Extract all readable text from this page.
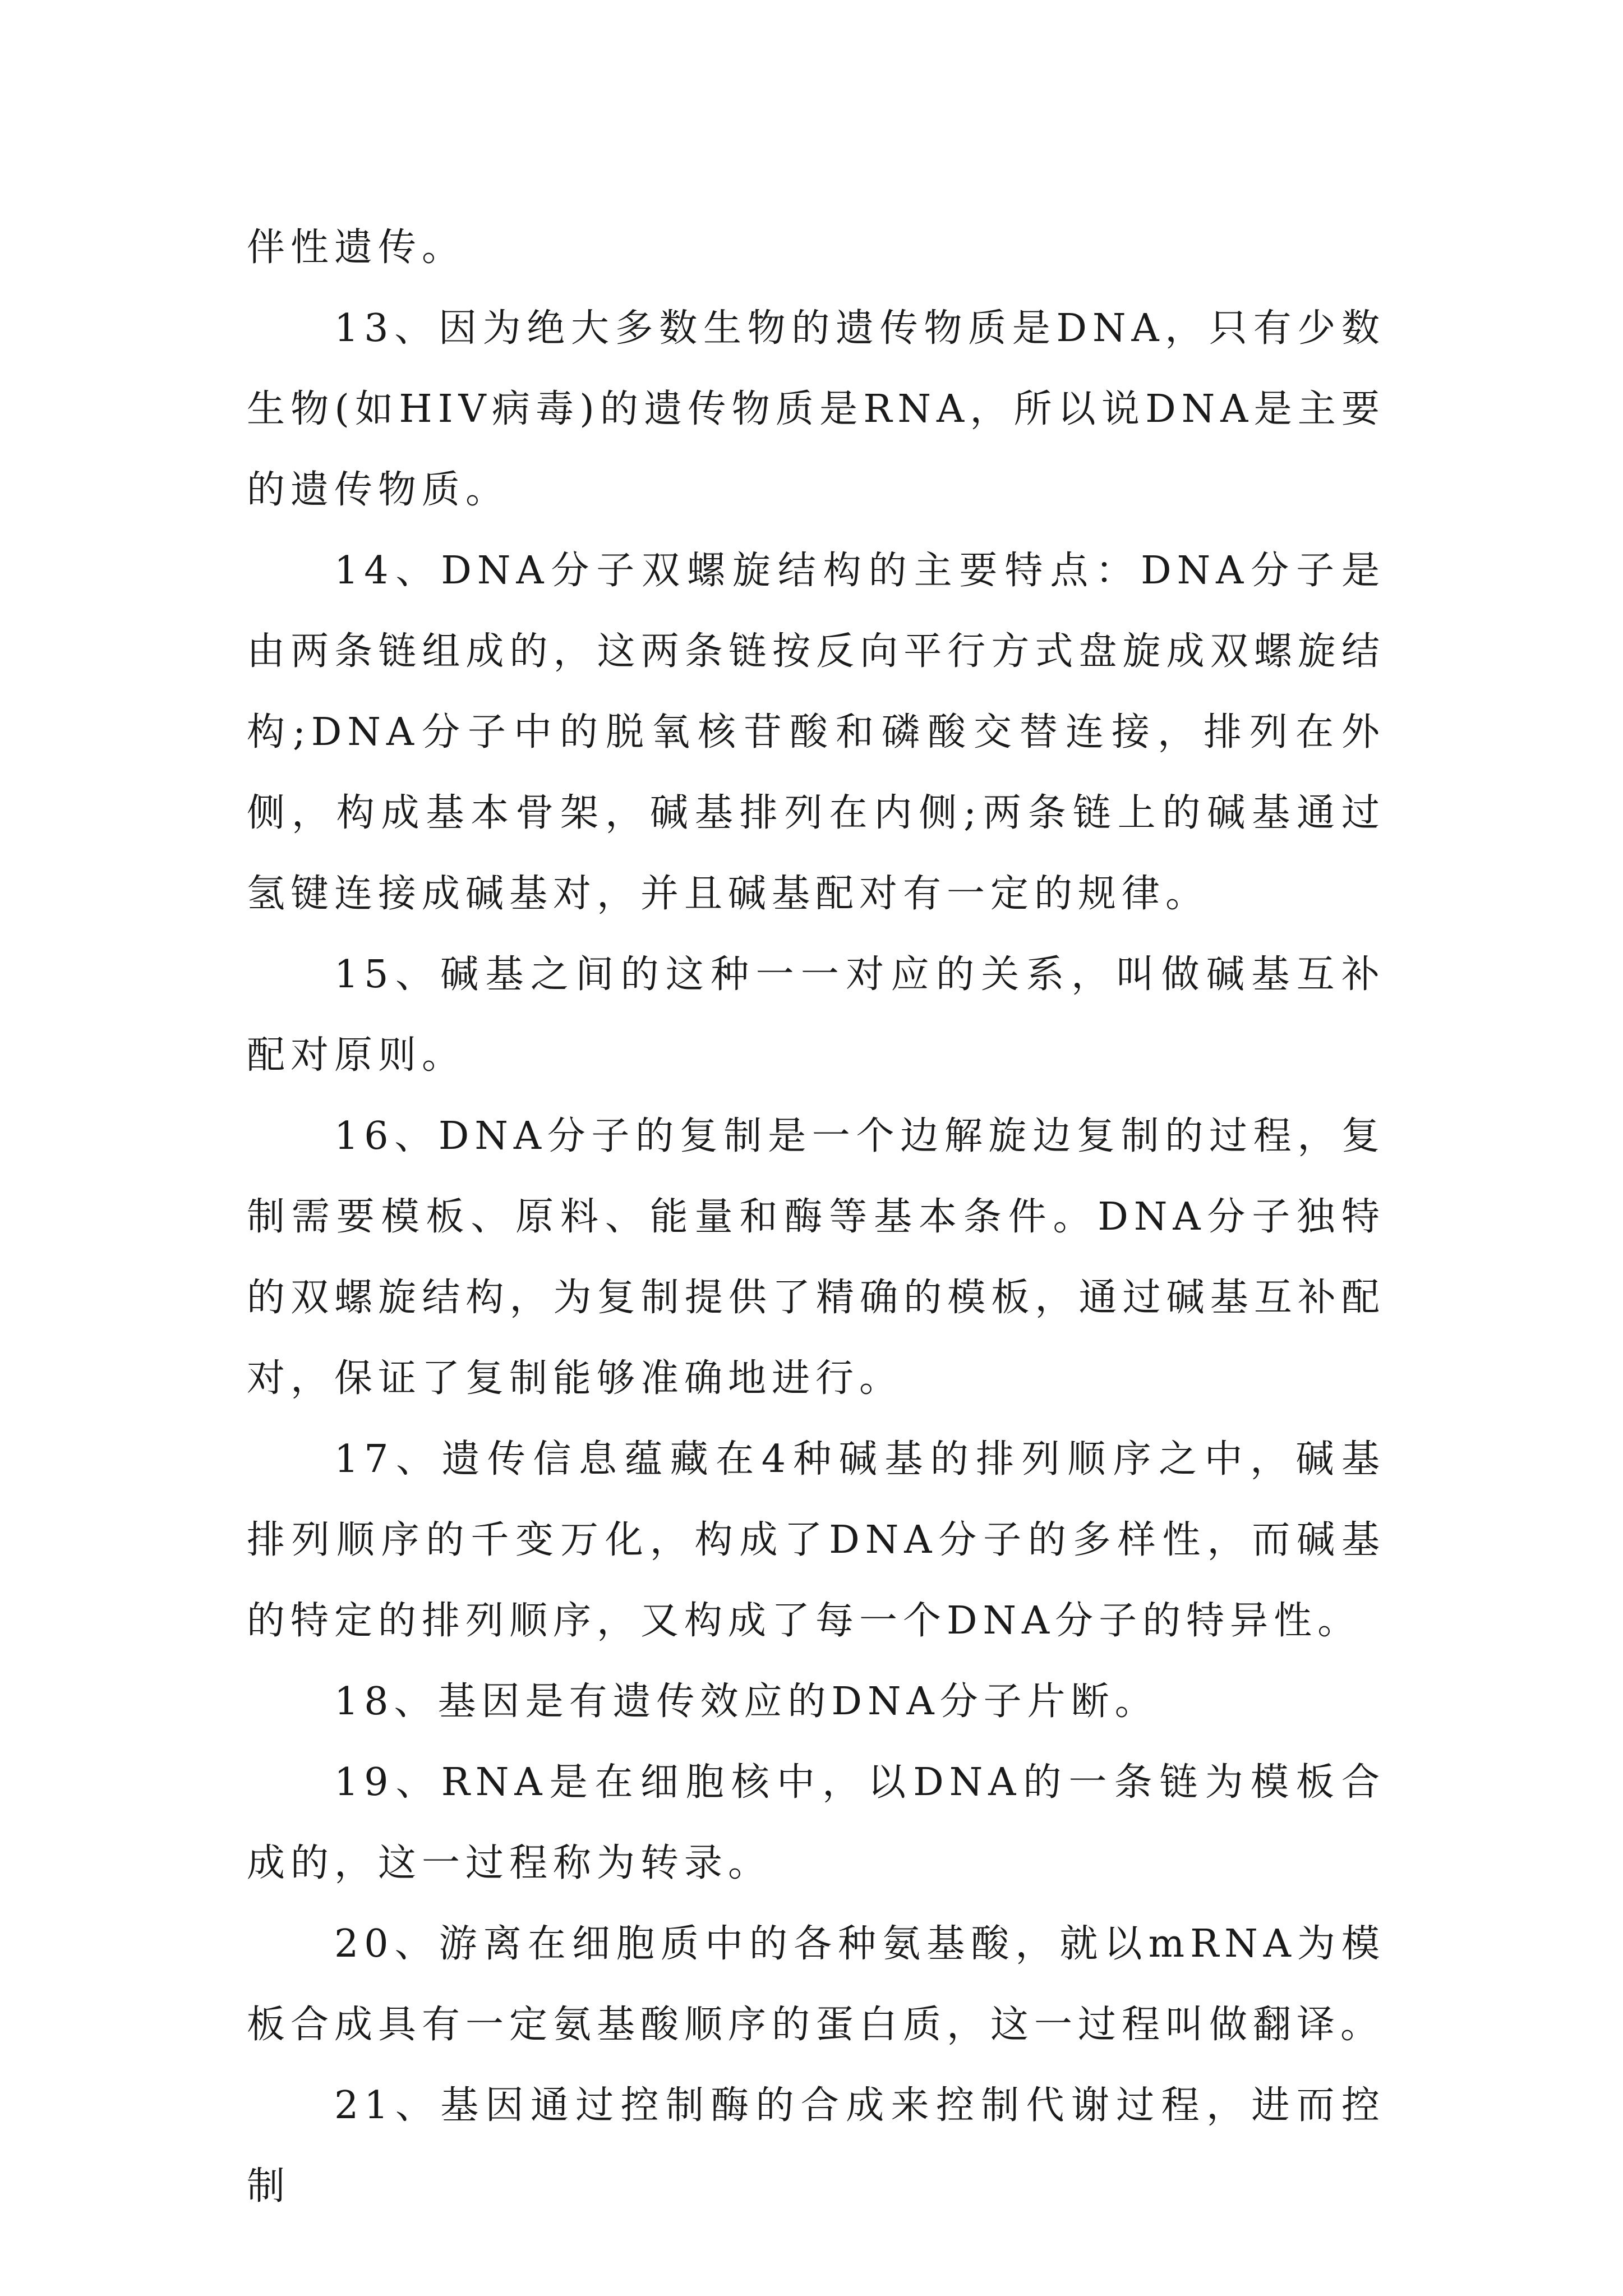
伴性遗传。

13、因为绝大多数生物的遗传物质是DNA，只有少数生物(如HIV病毒)的遗传物质是RNA，所以说DNA是主要的遗传物质。

14、DNA分子双螺旋结构的主要特点：DNA分子是由两条链组成的，这两条链按反向平行方式盘旋成双螺旋结构;DNA分子中的脱氧核苷酸和磷酸交替连接，排列在外侧，构成基本骨架，碱基排列在内侧;两条链上的碱基通过氢键连接成碱基对，并且碱基配对有一定的规律。

15、碱基之间的这种一一对应的关系，叫做碱基互补配对原则。

16、DNA分子的复制是一个边解旋边复制的过程，复制需要模板、原料、能量和酶等基本条件。DNA分子独特的双螺旋结构，为复制提供了精确的模板，通过碱基互补配对，保证了复制能够准确地进行。

17、遗传信息蕴藏在4种碱基的排列顺序之中，碱基排列顺序的千变万化，构成了DNA分子的多样性，而碱基的特定的排列顺序，又构成了每一个DNA分子的特异性。

18、基因是有遗传效应的DNA分子片断。

19、RNA是在细胞核中，以DNA的一条链为模板合成的，这一过程称为转录。

20、游离在细胞质中的各种氨基酸，就以mRNA为模板合成具有一定氨基酸顺序的蛋白质，这一过程叫做翻译。

21、基因通过控制酶的合成来控制代谢过程，进而控制
